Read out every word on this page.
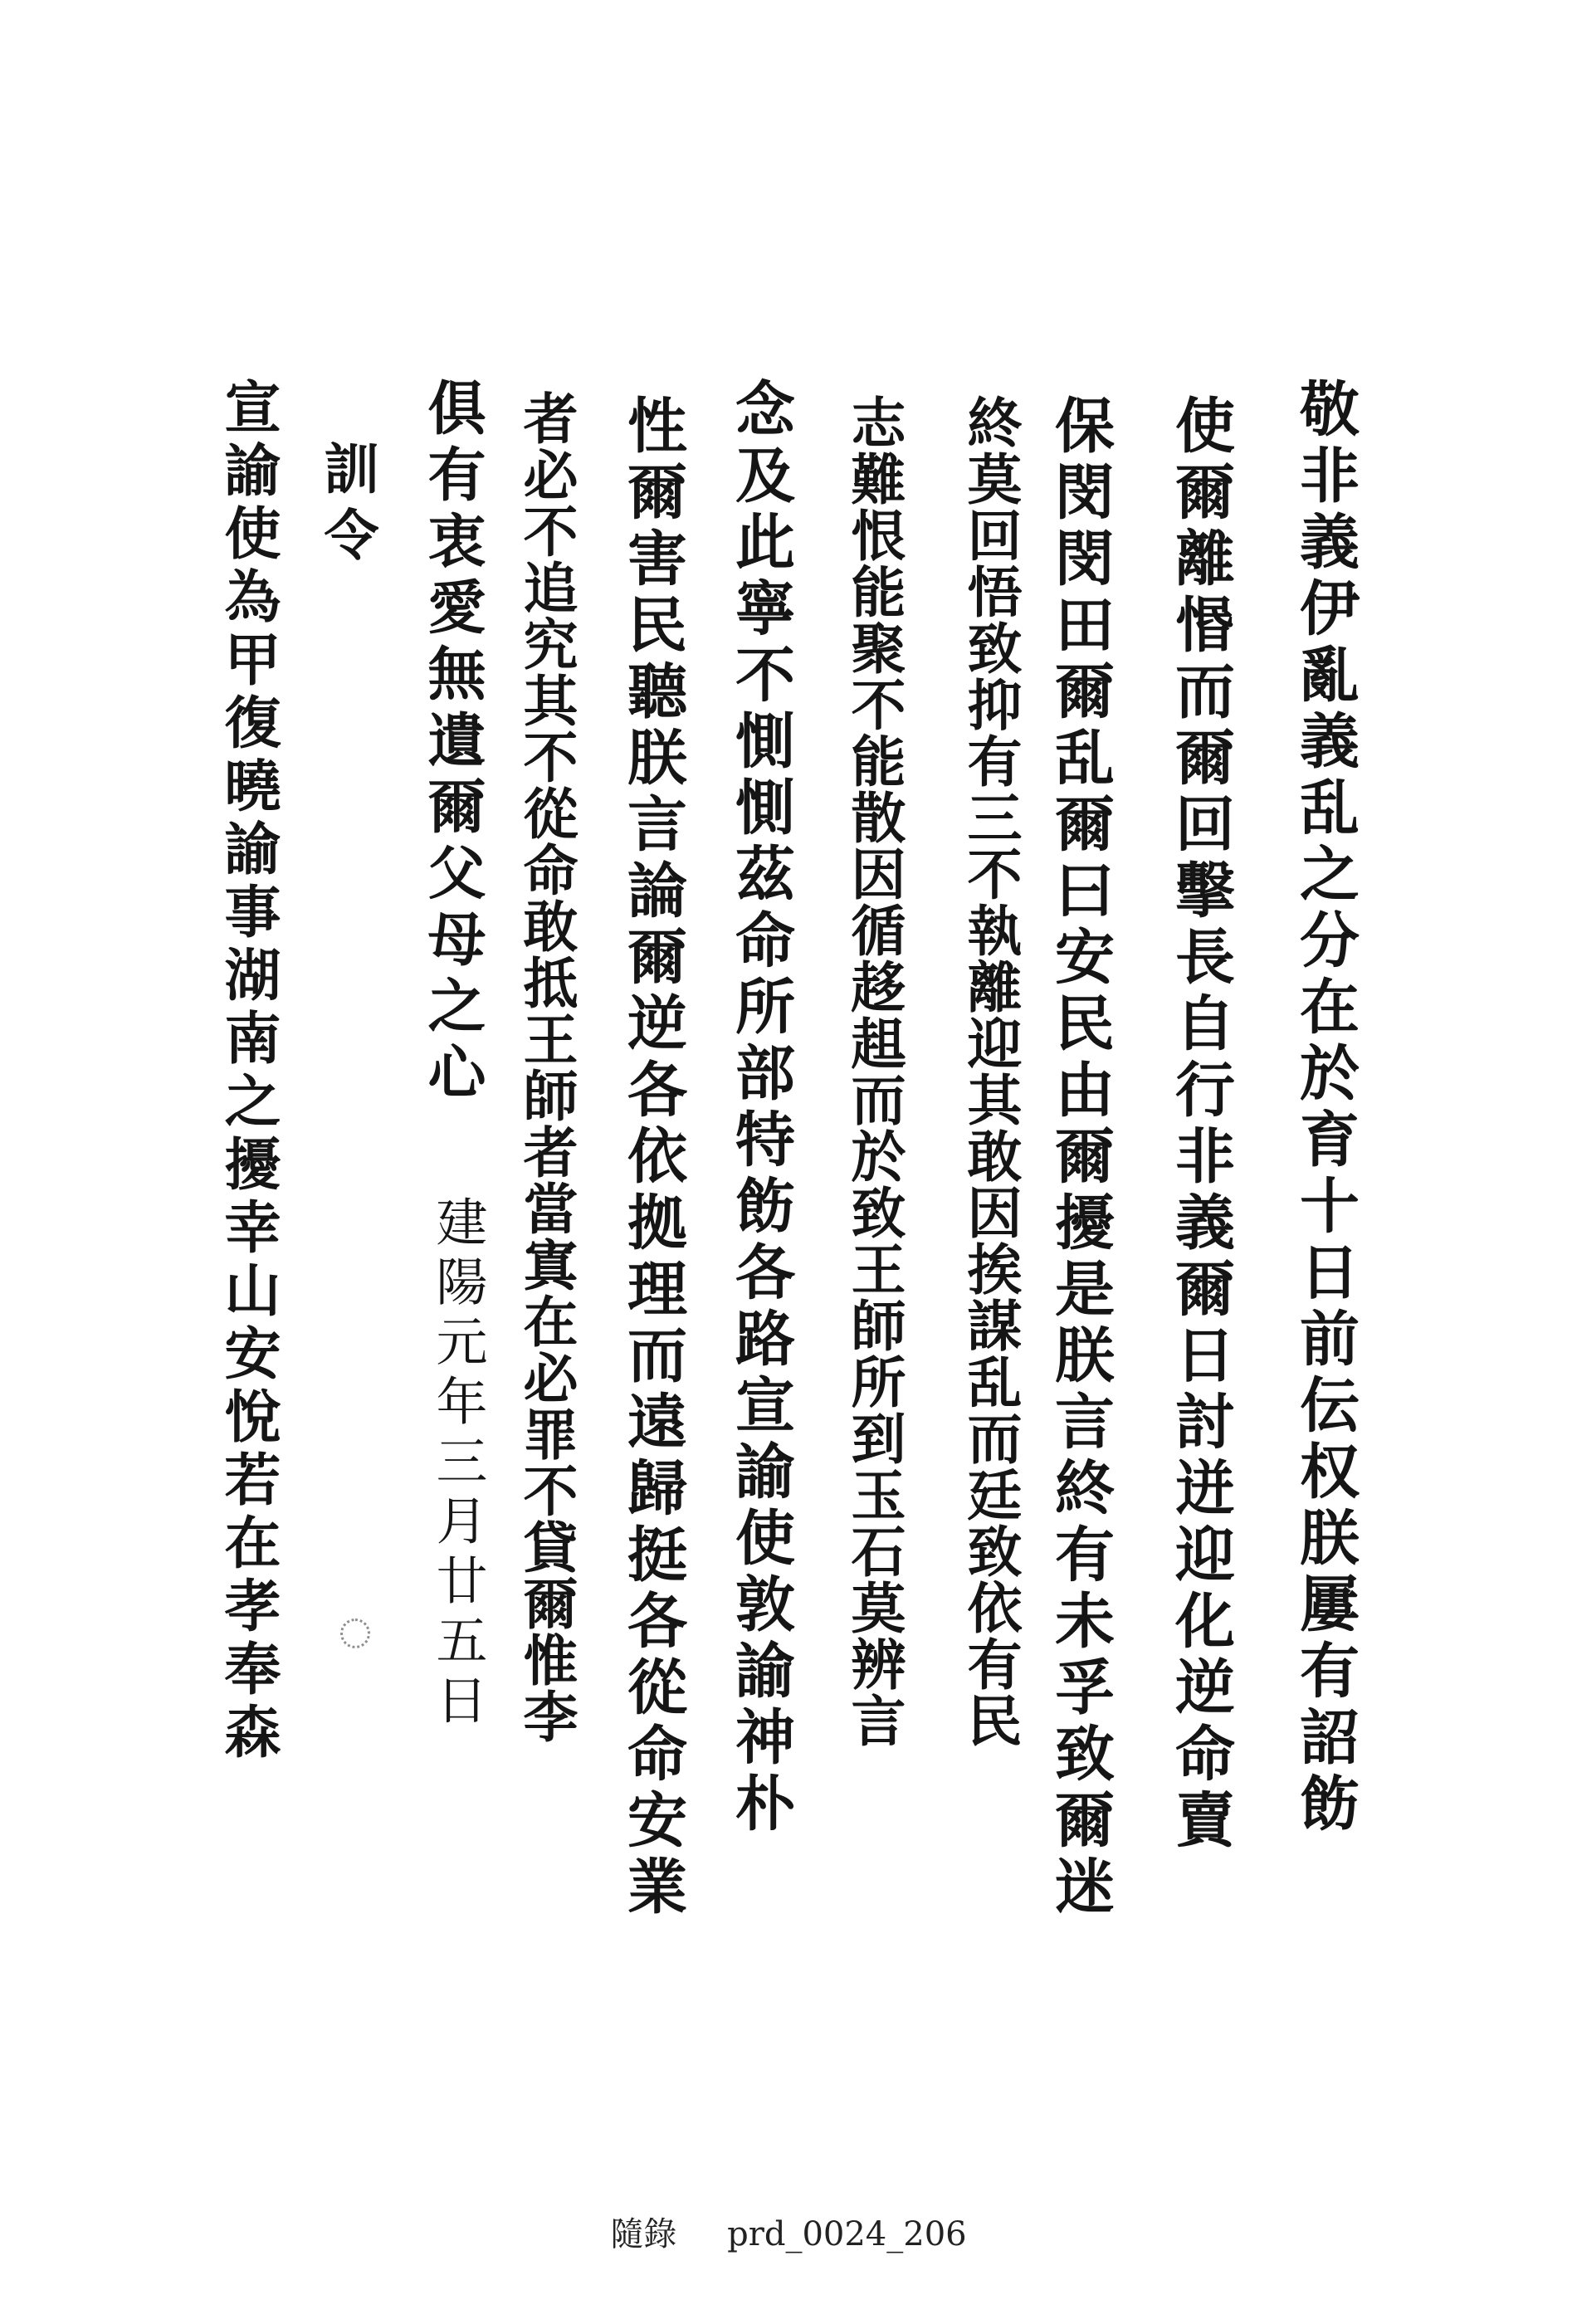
敬非義伊亂義乱之分在於育十日前伝权朕屢有詔飭
使爾離惽而爾回擊長自行非義爾日討迸迎化逆命賣
保閔閔田爾乱爾曰安民由爾擾是朕言終有未孚致爾迷
終莫回悟致抑有三不執離迎其敢因挨謀乱而廷致依有民
志難恨能聚不能散因循趍趄而於致王師所到玉石莫辨言
念及此寧不惻惻茲命所部特飭各路宣諭使敦諭神朴
性爾害民聽朕言論爾逆各依拠理而遠歸挺各從命安業
者必不追究其不從命敢抵王師者當寘在必罪不貸爾惟李
俱有衷愛無遺爾父母之心
建陽元年三月廿五日
訓令
宣諭使為甲復曉諭事湖南之擾幸山安悅若在孝奉森
隨錄 prd_0024_206
